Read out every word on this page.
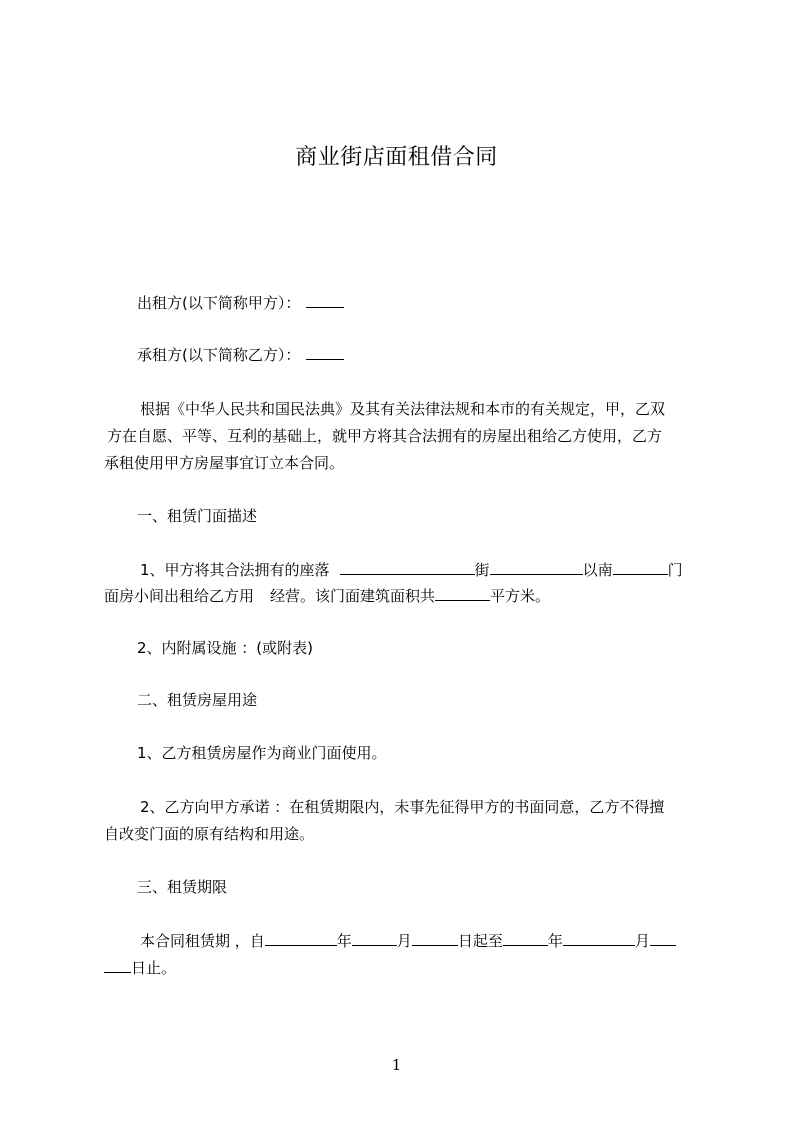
商业街店面租借合同
出租方(以下简称甲方）：
承租方(以下简称乙方）：
根据《中华人民共和国民法典》及其有关法律法规和本市的有关规定，甲，乙双
方在自愿、平等、互利的基础上，就甲方将其合法拥有的房屋出租给乙方使用，乙方
承租使用甲方房屋事宜订立本合同。
一、租赁门面描述
1、甲方将其合法拥有的座落	街	以南	门
面房小间出租给乙方用 经营。该门面建筑面积共	平方米。
2、内附属设施 ：(或附表)
二、租赁房屋用途
1、乙方租赁房屋作为商业门面使用。
2、乙方向甲方承诺 ：在租赁期限内，未事先征得甲方的书面同意，乙方不得擅
自改变门面的原有结构和用途。
三、租赁期限
本合同租赁期 ，自	年	月	日起至	年	月
日止。
1
